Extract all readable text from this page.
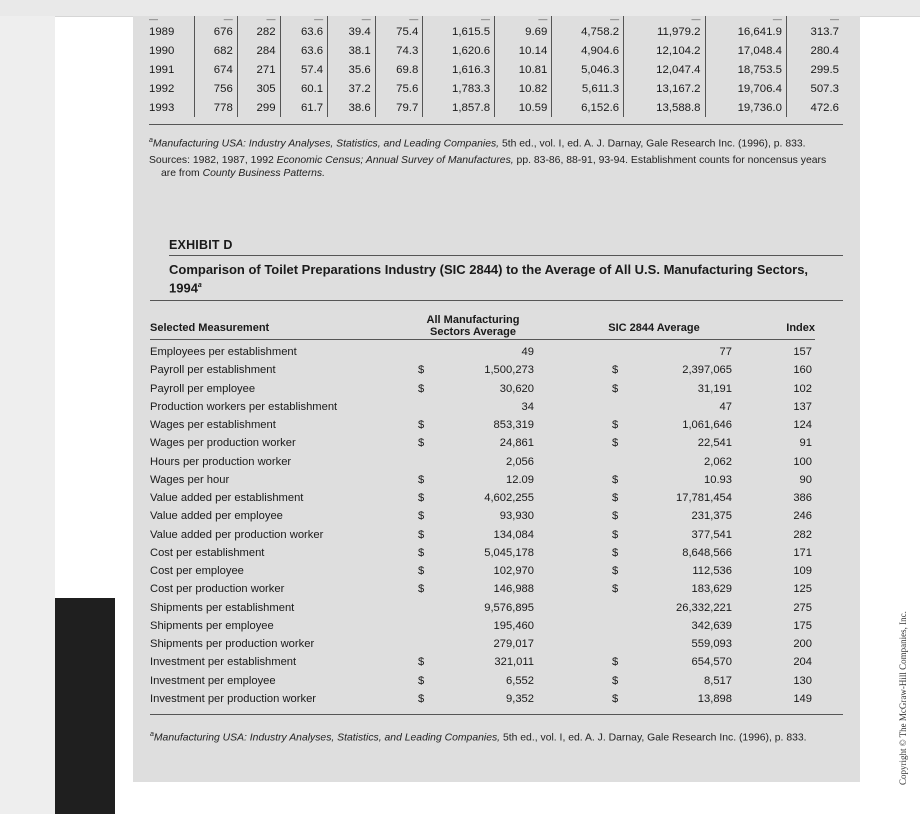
—	—	—	—	—	—	—	—	—	—	—	—
1989	676	282	63.6	39.4	75.4	1,615.5	9.69	4,758.2	11,979.2	16,641.9	313.7
1990	682	284	63.6	38.1	74.3	1,620.6	10.14	4,904.6	12,104.2	17,048.4	280.4
1991	674	271	57.4	35.6	69.8	1,616.3	10.81	5,046.3	12,047.4	18,753.5	299.5
1992	756	305	60.1	37.2	75.6	1,783.3	10.82	5,611.3	13,167.2	19,706.4	507.3
1993	778	299	61.7	38.6	79.7	1,857.8	10.59	6,152.6	13,588.8	19,736.0	472.6

$^a$Manufacturing USA: Industry Analyses, Statistics, and Leading Companies, 5th ed., vol. I, ed. A. J. Darnay, Gale Research Inc. (1996), p. 833.

Sources: 1982, 1987, 1992 Economic Census; Annual Survey of Manufactures, pp. 83-86, 88-91, 93-94. Establishment counts for noncensus years are from County Business Patterns.

EXHIBIT D
Comparison of Toilet Preparations Industry (SIC 2844) to the Average of All U.S. Manufacturing Sectors, 1994$^a$
Selected Measurement
All Manufacturing
Sectors Average	SIC 2844 Average	Index
Employees per establishment	49	77	157
Payroll per establishment	$	1,500,273	$	2,397,065	160
Payroll per employee	$	30,620	$	31,191	102
Production workers per establishment	34	47	137
Wages per establishment	$	853,319	$	1,061,646	124
Wages per production worker	$	24,861	$	22,541	91
Hours per production worker	2,056	2,062	100
Wages per hour	$	12.09	$	10.93	90
Value added per establishment	$	4,602,255	$	17,781,454	386
Value added per employee	$	93,930	$	231,375	246
Value added per production worker	$	134,084	$	377,541	282
Cost per establishment	$	5,045,178	$	8,648,566	171
Cost per employee	$	102,970	$	112,536	109
Cost per production worker	$	146,988	$	183,629	125
Shipments per establishment	9,576,895	26,332,221	275
Shipments per employee	195,460	342,639	175
Shipments per production worker	279,017	559,093	200
Investment per establishment	$	321,011	$	654,570	204
Investment per employee	$	6,552	$	8,517	130
Investment per production worker	$	9,352	$	13,898	149
$^a$Manufacturing USA: Industry Analyses, Statistics, and Leading Companies, 5th ed., vol. I, ed. A. J. Darnay, Gale Research Inc. (1996), p. 833.	Copyright © The McGraw-Hill Companies, Inc.
